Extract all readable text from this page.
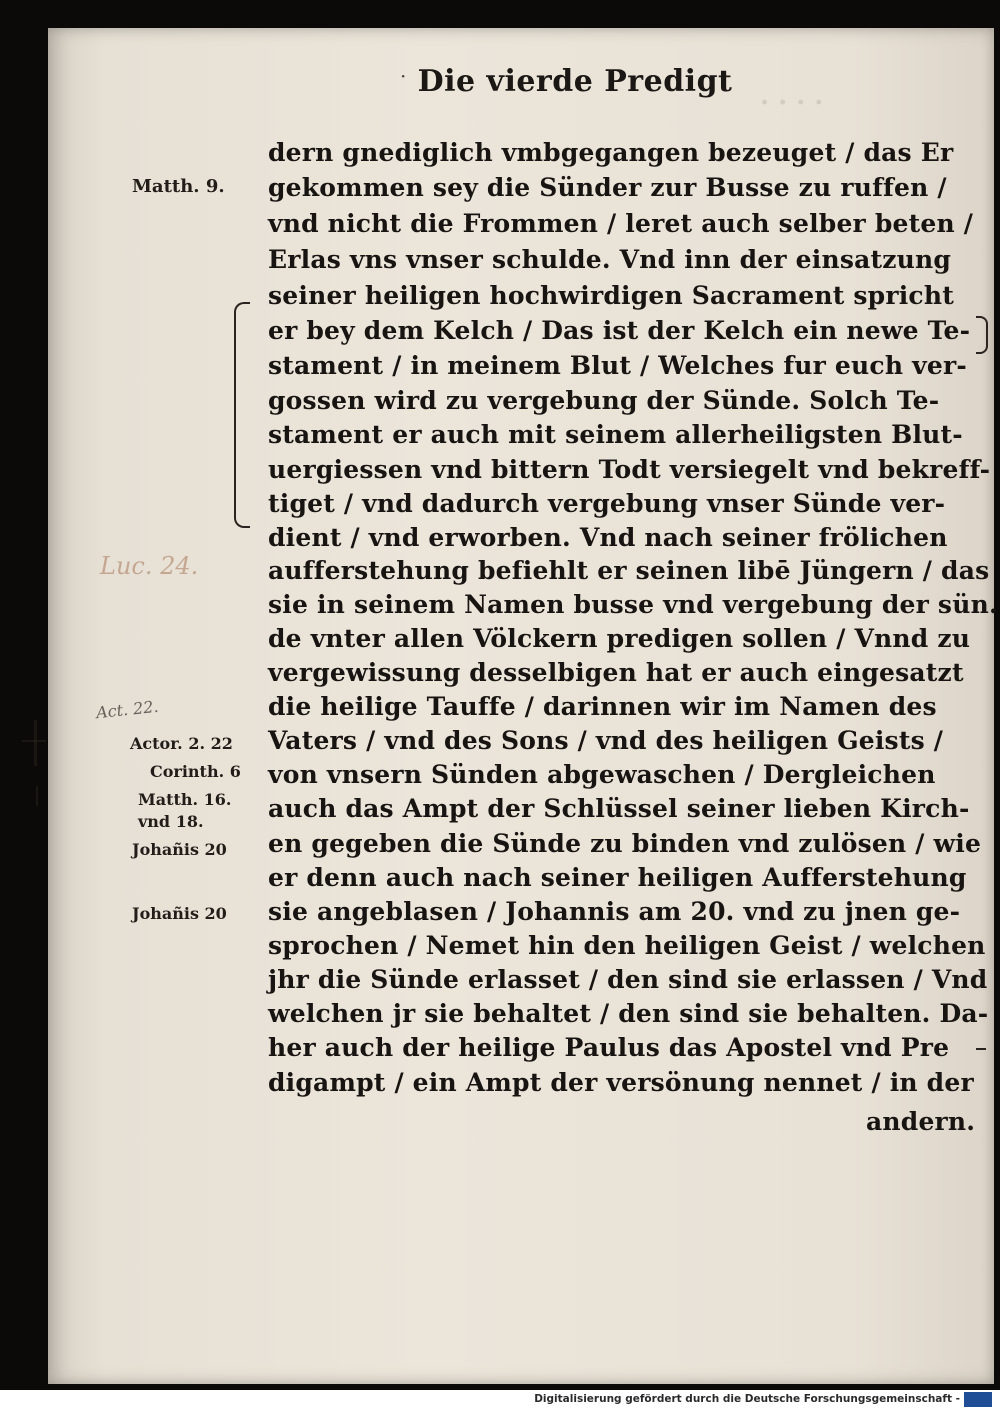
· Die vierde Predigt
· · · ·
dern gnediglich vmbgegangen bezeuget / das Er
gekommen sey die Sünder zur Busse zu ruffen /
vnd nicht die Frommen / leret auch selber beten /
Erlas vns vnser schulde. Vnd inn der einsatzung
seiner heiligen hochwirdigen Sacrament spricht
er bey dem Kelch / Das ist der Kelch ein newe Te-
stament / in meinem Blut / Welches fur euch ver-
gossen wird zu vergebung der Sünde. Solch Te-
stament er auch mit seinem allerheiligsten Blut-
uergiessen vnd bittern Todt versiegelt vnd bekreff-
tiget / vnd dadurch vergebung vnser Sünde ver-
dient / vnd erworben. Vnd nach seiner frölichen
aufferstehung befiehlt er seinen libē Jüngern / das
sie in seinem Namen busse vnd vergebung der sün.
de vnter allen Völckern predigen sollen / Vnnd zu
vergewissung desselbigen hat er auch eingesatzt
die heilige Tauffe / darinnen wir im Namen des
Vaters / vnd des Sons / vnd des heiligen Geists /
von vnsern Sünden abgewaschen / Dergleichen
auch das Ampt der Schlüssel seiner lieben Kirch-
en gegeben die Sünde zu binden vnd zulösen / wie
er denn auch nach seiner heiligen Aufferstehung
sie angeblasen / Johannis am 20. vnd zu jnen ge-
sprochen / Nemet hin den heiligen Geist / welchen
jhr die Sünde erlasset / den sind sie erlassen / Vnd
welchen jr sie behaltet / den sind sie behalten. Da-
her auch der heilige Paulus das Apostel vnd Pre
digampt / ein Ampt der versönung nennet / in der
andern.
Matth. 9.
Actor. 2. 22
Corinth. 6
Matth. 16.
vnd 18.
Johañis 20
Johañis 20
Luc. 24.
Act. 22.
Digitalisierung gefördert durch die Deutsche Forschungsgemeinschaft -
